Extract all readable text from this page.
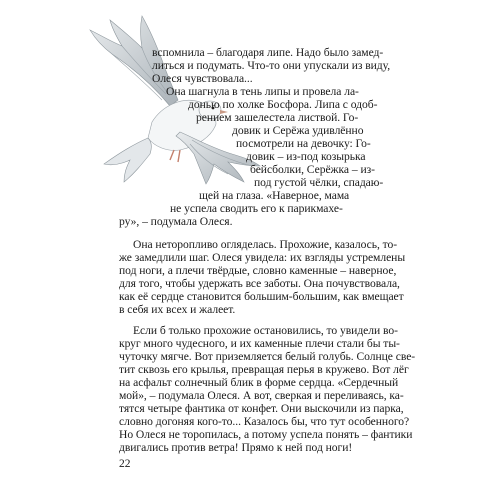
вспомнила – благодаря липе. Надо было замед-
литься и подумать. Что-то они упускали из виду,
Олеся чувствовала...
Она шагнула в тень липы и провела ла-
донью по холке Босфора. Липа с одоб-
рением зашелестела листвой. Го-
довик и Серёжа удивлённо
посмотрели на девочку: Го-
довик – из-под козырька
бейсболки, Серёжка – из-
под густой чёлки, спадаю-
щей на глаза. «Наверное, мама
не успела сводить его к парикмахе-
ру», – подумала Олеся.
Она неторопливо огляделась. Прохожие, казалось, то-
же замедлили шаг. Олеся увидела: их взгляды устремлены
под ноги, а плечи твёрдые, словно каменные – наверное,
для того, чтобы удержать все заботы. Она почувствовала,
как её сердце становится большим-большим, как вмещает
в себя их всех и жалеет.
Если б только прохожие остановились, то увидели во-
круг много чудесного, и их каменные плечи стали бы ты-
чуточку мягче. Вот приземляется белый голубь. Солнце све-
тит сквозь его крылья, превращая перья в кружево. Вот лёг
на асфальт солнечный блик в форме сердца. «Сердечный
мой», – подумала Олеся. А вот, сверкая и переливаясь, ка-
тятся четыре фантика от конфет. Они выскочили из парка,
словно догоняя кого-то... Казалось бы, что тут особенного?
Но Олеся не торопилась, а потому успела понять – фантики
двигались против ветра! Прямо к ней под ноги!
22
